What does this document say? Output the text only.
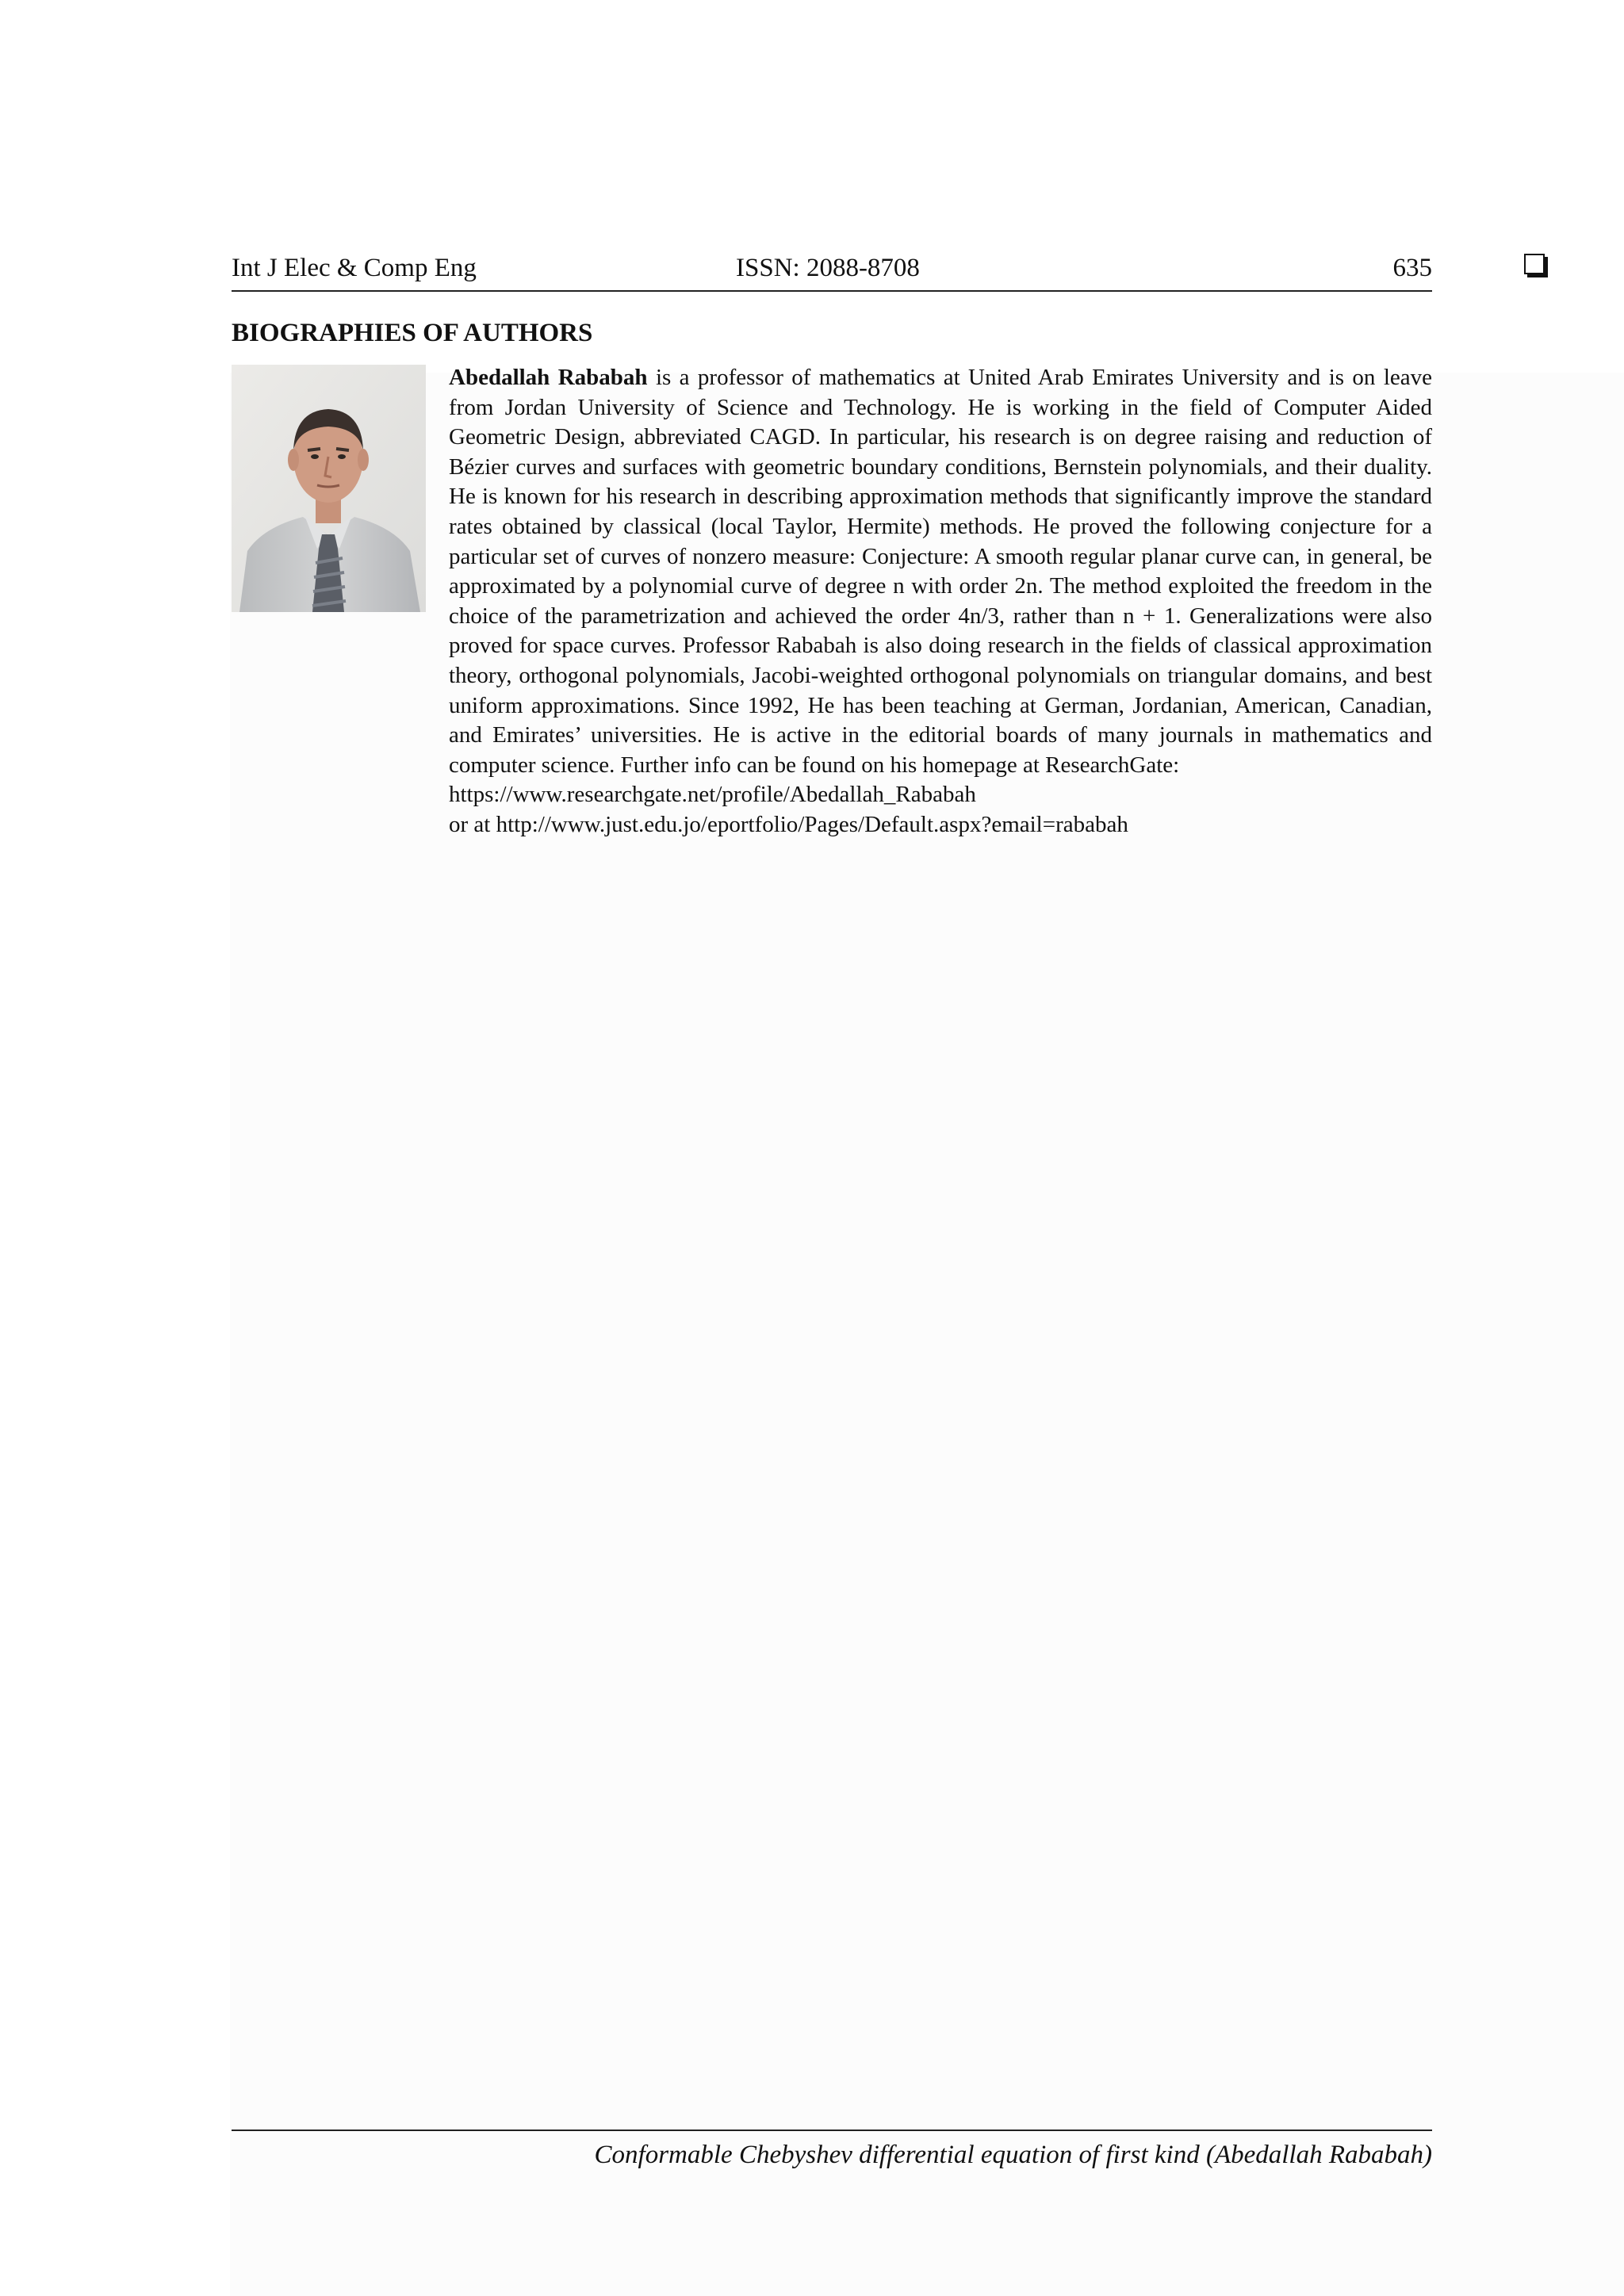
Int J Elec & Comp Eng	ISSN: 2088-8708	635
BIOGRAPHIES OF AUTHORS

Abedallah Rababah is a professor of mathematics at United Arab Emirates University and is on leave from Jordan University of Science and Technology. He is working in the field of Computer Aided Geometric Design, abbreviated CAGD. In particular, his research is on degree raising and reduction of Bézier curves and surfaces with geometric boundary conditions, Bernstein polynomials, and their duality. He is known for his research in describing approximation methods that significantly improve the standard rates obtained by classical (local Taylor, Hermite) methods. He proved the following conjecture for a particular set of curves of nonzero measure: Conjecture: A smooth regular planar curve can, in general, be approximated by a polynomial curve of degree n with order 2n. The method exploited the freedom in the choice of the parametrization and achieved the order 4n/3, rather than n + 1. Generalizations were also proved for space curves. Professor Rababah is also doing research in the fields of classical approximation theory, orthogonal polynomials, Jacobi-weighted orthogonal polynomials on triangular domains, and best uniform approximations. Since 1992, He has been teaching at German, Jordanian, American, Canadian, and Emirates’ universities. He is active in the editorial boards of many journals in mathematics and computer science. Further info can be found on his homepage at ResearchGate:
https://www.researchgate.net/profile/Abedallah_Rababah
or at http://www.just.edu.jo/eportfolio/Pages/Default.aspx?email=rababah

Conformable Chebyshev differential equation of first kind (Abedallah Rababah)
